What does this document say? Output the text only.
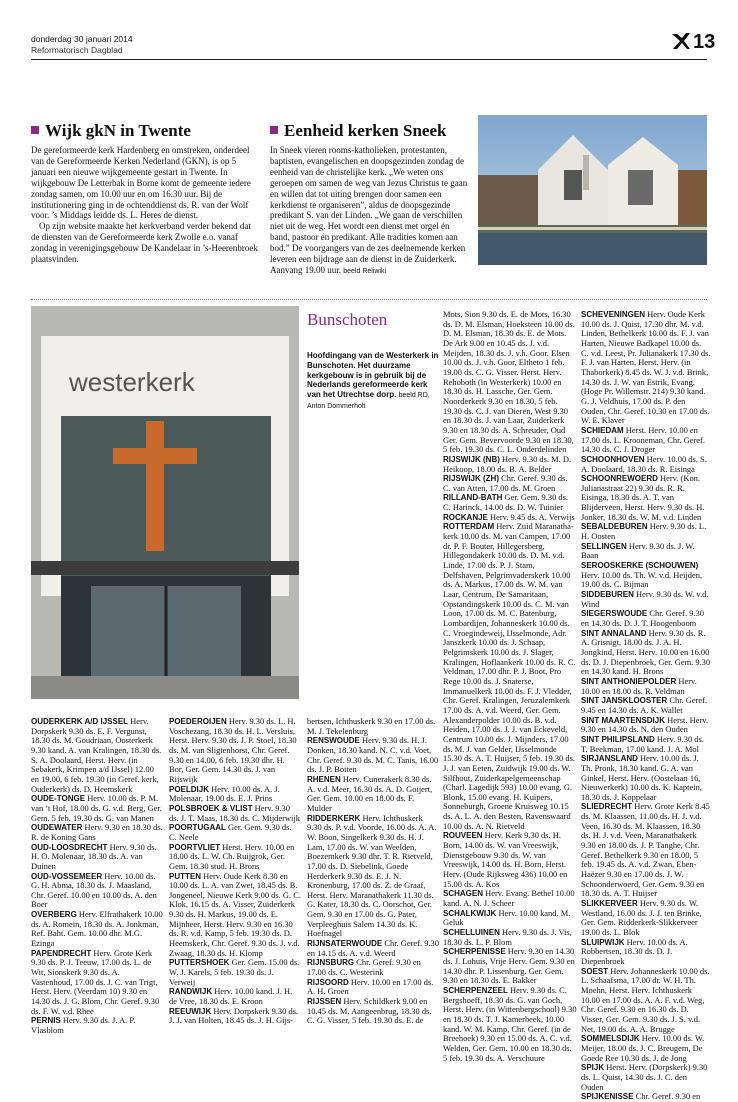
donderdag 30 januari 2014
Reformatorisch Dagblad	13
Wijk gkN in Twente

De gereformeerde kerk Hardenberg en omstreken, onderdeel van de Gereformeerde Kerken Nederland (GKN), is op 5 januari een nieuwe wijkgemeente gestart in Twente. In wijkgebouw De Letterbak in Borne komt de gemeente iedere zondag samen, om 10.00 uur en om 16.30 uur. Bij de institutionering ging in de ochtenddienst ds. R. van der Wolf voor. ’s Middags leidde ds. L. Heres de dienst.

Op zijn website maakte het kerkverband verder bekend dat de diensten van de Gereformeerde kerk Zwolle e.o. vanaf zondag in verenigingsgebouw De Kandelaar in ’s-Heerenbroek plaatsvinden.

Eenheid kerken Sneek

In Sneek vieren rooms-katholieken, protestanten, baptisten, evangelischen en doopsgezinden zondag de eenheid van de christelijke kerk. „We weten ons geroepen om samen de weg van Jezus Christus te gaan en willen dat tot uiting brengen door samen een kerkdienst te organiseren”, aldus de doopsgezinde predikant S. van der Linden. „We gaan de verschillen niet uit de weg. Het wordt een dienst met orgel én band, pastoor én predikant. Alle tradities komen aan bod.” De voorgangers van de zes deelnemende kerken leveren een bijdrage aan de dienst in de Zuiderkerk. Aanvang 19.00 uur. beeld Reliwiki

westerkerk
Bunschoten
Hoofdingang van de Westerkerk in Bunschoten. Het duurzame kerkgebouw is in gebruik bij de Nederlands gereformeerde kerk van het Utrechtse dorp. beeld RD, Anton Dommerholt

Mots, Sion 9.30 ds. E. de Mots, 16.30 ds. D. M. Elsman, Hoeksteen 10.00 ds. D. M. Elsman, 18.30 ds. E. de Mots. De Ark 9.00 en 10.45 ds. J. v.d. Meijden, 18.30 ds. J. v.h. Goor. Elsen 10.00 ds. J. v.h. Goor, Eltheto 1 feb. 19.00 ds. C. G. Visser. Herst. Herv. Rehoboth (in Westerkerk) 10.00 en 18.30 ds. H. Lassche, Ger. Gem. Noorderkerk 9.30 en 18.30, 5 feb. 19.30 ds. C. J. van Dieren, West 9.30 en 18.30 ds. J. van Laar, Zuiderkerk 9.30 en 18.30 ds. A. Schreuder, Oud Ger. Gem. Bevervoorde 9.30 en 18.30, 5 feb. 19.30 ds. C. L. Onderdelinden

RIJSWIJK (NB) Herv. 9.30 ds. M. D. Heikoop, 18.00 ds. B. A. Belder

RIJSWIJK (ZH) Chr. Geref. 9.30 ds. C. van Atten, 17.00 ds. M. Groen

RILLAND-BATH Ger. Gem. 9.30 ds. C. Harinck, 14.00 ds. D. W. Tuinier

ROCKANJE Herv. 9.45 ds. A. Verwijs

ROTTERDAM Herv. Zuid Maranatha-kerk 10.00 ds. M. van Campen, 17.00 dr. P. F. Bouter, Hillegersberg, Hillegondakerk 10.00 ds. D. M. v.d. Linde, 17.00 ds. P. J. Stam, Delfshaven, Pelgrimvaderskerk 10.00 ds. A. Markus, 17.00 ds. W. M. van Laar, Centrum, De Samaritaan, Opstandingskerk 10.00 ds. C. M. van Loon, 17.00 ds. M. C. Batenburg, Lombardijen, Johanneskerk 10.00 ds. C. Vroegindeweij, IJsselmonde, Adr. Janszkerk 10.00 ds. J. Schaap, Pelgrimskerk 10.00 ds. J. Slager, Kralingen, Hoflaankerk 10.00 ds. R. C. Veldman, 17.00 dhr. P. J. Boot, Pro Rege 10.00 ds. J. Snaterse, Immanuelkerk 10.00 ds. F. J. Vledder, Chr. Geref. Kralingen, Jeruzalemkerk 17.00 ds. A. v.d. Weerd, Ger. Gem. Alexanderpolder 10.00 ds. B. v.d. Heiden, 17.00 ds. J. J. van Eckeveld, Centrum 10.00 ds. J. Mijnders, 17.00 ds. M. J. van Gelder, IJsselmonde 15.30 ds. A. T. Huijser, 5 feb. 19.30 ds. J. J. van Eeten, Zuidwijk 19.00 ds. W. Silfhout, Zuiderkapelgemeenschap (Charl. Lagedijk 593) 10.00 evang. G. Blonk, 15.00 evang. H. Kuipers, Sonneburgh, Groene Kruisweg 10.15 ds. A. L. A. den Besten, Ravenswaard 10.00 ds. A. N. Rietveld

ROUVEEN Herv. Kerk 9.30 ds. H. Born, 14.00 ds. W. van Vreeswijk, Dienstgebouw 9.30 ds. W. van Vreeswijk, 14.00 ds. H. Born, Herst. Herv. (Oude Rijksweg 436) 10.00 en 15.00 ds. A. Kos

SCHAGEN Herv. Evang. Bethel 10.00 kand. A. N. J. Scheer

SCHALKWIJK Herv. 10.00 kand. M. Geluk

SCHELLUINEN Herv. 9.30 ds. J. Vis, 18.30 ds. L. P. Blom

SCHERPENISSE Herv. 9.30 en 14.30 ds. J. Lohuis, Vrije Herv. Gem. 9.30 en 14.30 dhr. P. Lissenburg. Ger. Gem. 9.30 en 18.30 ds. E. Bakker

SCHERPENZEEL Herv. 9.30 ds. C. Bergshoeff, 18.30 ds. G. van Goch, Herst. Herv. (in Wittenbergschool) 9.30 en 18.30 ds. T. J. Kamerbeek, 10.00 kand. W. M. Kamp, Chr. Geref. (in de Breehoek) 9.30 en 15.00 ds. A. C. v.d. Welden, Ger. Gem. 10.00 en 18.30 ds. 5 feb. 19.30 ds. A. Verschuure

SCHEVENINGEN Herv. Oude Kerk 10.00 ds. J. Quist, 17.30 dhr. M. v.d. Linden, Bethelkerk 10.00 ds. F. J. van Harten, Nieuwe Badkapel 10.00 ds. C. v.d. Leest, Pr. Julianakerk 17.30 ds. F. J. van Harten, Herst. Herv. (in Thaborkerk) 8.45 ds. W. J. v.d. Brink, 14.30 ds. J. W. van Estrik, Evang. (Hoge Pr. Willemstr. 214) 9.30 kand. G. J. Veldhuis, 17.00 ds. P. den Ouden, Chr. Geref. 10.30 en 17.00 ds. W. E. Klaver

SCHIEDAM Herst. Herv. 10.00 en 17.00 ds. L. Krooneman, Chr. Geref. 14.30 ds. C. J. Droger

SCHOONHOVEN Herv. 10.00 ds. S. A. Doolaard, 18.30 ds. R. Eisinga

SCHOONREWOERD Herv. (Kon. Julianastraat 22) 9.30 ds. R. R. Eisinga, 18.30 ds. A. T. van Blijderveen, Herst. Herv. 9.30 ds. H. Jonker, 18.30 ds. W. M. v.d. Linden

SEBALDEBUREN Herv. 9.30 ds. L. H. Oosten

SELLINGEN Herv. 9.30 ds. J. W. Baan

SEROOSKERKE (SCHOUWEN) Herv. 10.00 ds. Th. W. v.d. Heijden, 19.00 ds. C. Bijman

SIDDEBUREN Herv. 9.30 ds. W. v.d. Wind

SIEGERSWOUDE Chr. Geref. 9.30 en 14.30 ds. D. J. T. Hoogenboom

SINT ANNALAND Herv. 9.30 ds. R. A. Grisnigt, 18.00 ds. J. A. H. Jongkind, Herst. Herv. 10.00 en 16.00 ds. D. J. Diepenbroek, Ger. Gem. 9.30 en 14.30 kand. H. Brons

SINT ANTHONIEPOLDER Herv. 10.00 en 18.00 ds. R. Veldman

SINT JANSKLOOSTER Chr. Geref. 9.45 en 14.30 ds. A. K. Wallet

SINT MAARTENSDIJK Herst. Herv. 9.30 en 14.30 ds. N. den Ouden

SINT PHILIPSLAND Herv. 9.30 ds. T. Beekman, 17.00 kand. J. A. Mol

SIRJANSLAND Herv. 10.00 ds. J. Th. Pronk, 18.30 kand. G. A. van Ginkel, Herst. Herv. (Oostelaan 16, Nieuwerkerk) 10.00 ds. K. Kaptein, 18.30 ds. J. Koppelaar

SLIEDRECHT Herv. Grote Kerk 8.45 ds. M. Klaassen, 11.00 ds. H. J. v.d. Veen, 16.30 ds. M. Klaassen, 18.30 ds. H. J. v.d. Veen, Maranathakerk 9.30 en 18.00 ds. J. P. Tanghe, Chr. Geref. Bethelkerk 9.30 en 18.00, 5 feb. 19.45 ds. A. v.d. Zwan, Eben-Haëzer 9.30 en 17.00 ds. J. W. Schoonderwoerd, Ger. Gem. 9.30 en 18.30 ds. A. T. Huijser

SLIKKERVEER Herv. 9.30 ds. W. Westland, 16.00 ds. J. J. ten Brinke, Ger. Gem. Ridderkerk-Slikkerveer 19.00 ds. L. Blok

SLUIPWIJK Herv. 10.00 ds. A. Robbertsen, 18.30 ds. D. J. Diepenbroek

SOEST Herv. Johanneskerk 10.00 ds. L. Schaafsma, 17.00 dr. W. H. Th. Moehn, Herst. Herv. Ichthuskerk 10.00 en 17.00 ds. A. A. F. v.d. Weg, Chr. Geref. 9.30 en 16.30 ds. D. Visser, Ger. Gem. 9.30 ds. J. S. v.d. Net, 19.00 ds. A. A. Brugge

SOMMELSDIJK Herv. 10.00 ds. W. Meijer, 18.00 ds. J. C. Breugem, De Goede Ree 10.30 ds. J. de Jong

SPIJK Herst. Herv. (Dorpskerk) 9.30 ds. L. Quist, 14.30 ds. J. C. den Ouden

SPIJKENISSE Chr. Geref. 9.30 en

OUDERKERK A/D IJSSEL Herv. Dorpskerk 9.30 ds. E. F. Vergunst, 18.30 ds. M. Goudriaan, Oosterkerk 9.30 kand. A. van Kralingen, 18.30 ds. S. A. Doolaard, Herst. Herv. (in Sebakerk, Krimpen a/d IJssel) 12.00 en 19.00, 6 feb. 19.30 (in Geref. kerk, Ouderkerk) ds. D. Heemskerk

OUDE-TONGE Herv. 10.00 ds. P. M. van ’t Hof, 18.00 ds. G. v.d. Berg, Ger. Gem. 5 feb. 19.30 ds. G. van Manen

OUDEWATER Herv. 9.30 en 18.30 ds. R. de Koning Gans

OUD-LOOSDRECHT Herv. 9.30 ds. H. O. Molenaar, 18.30 ds. A. van Duinen

OUD-VOSSEMEER Herv. 10.00 ds. G. H. Abma, 18.30 ds. J. Maasland, Chr. Geref. 10.00 en 10.00 ds. A. den Boer

OVERBERG Herv. Elfrathakerk 10.00 ds. A. Romein, 18.30 ds. A. Jonkman, Ref. Baht. Gem. 10.00 dhr. M.G. Ezinga

PAPENDRECHT Herv. Grote Kerk 9.30 ds. P. J. Teeuw, 17.00 ds. L. de Wit, Sionskerk 9.30 ds. A. Vastenhoud, 17.00 ds. J. C. van Trigt, Herst. Herv. (Veerdam 10) 9.30 en 14.30 ds. J. G. Blom, Chr. Geref. 9.30 ds. F. W. v.d. Rhee

PERNIS Herv. 9.30 ds. J. A. P. Vlasblom

POEDEROIJEN Herv. 9.30 ds. L. H. Voschezang, 18.30 ds. H. L. Versluis, Herst. Herv. 9.30 ds. J. P. Stoel, 18.30 ds. M. van Sligtenhorst, Chr. Geref. 9.30 en 14.00, 6 feb. 19.30 dhr. H. Bor, Ger. Gem. 14.30 ds. J. van Rijswijk

POELDIJK Herv. 10.00 ds. A. J. Molenaar, 19.00 ds. E. J. Prins

POLSBROEK & VLIST Herv. 9.30 ds. J. T. Maas, 18.30 ds. C. Mijderwijk

POORTUGAAL Ger. Gem. 9.30 ds. C. Neele

POORTVLIET Herst. Herv. 10.00 en 18.00 ds. L. W. Ch. Ruijgrok, Ger. Gem. 18.30 stud. H. Brons

PUTTEN Herv. Oude Kerk 8.30 en 10.00 ds. L. A. van Zwet, 18.45 ds. B. Jongeneel, Nieuwe Kerk 9.00 ds. G. C. Klok, 16.15 ds. A. Visser, Zuiderkerk 9.30 ds. H. Markus, 19.00 ds. E. Mijnheer, Herst. Herv. 9.30 en 16.30 ds. R. v.d. Kamp, 5 feb. 19.30 ds. D. Heemskerk, Chr. Geref. 9.30 ds. J. v.d. Zwaag, 18.30 ds. H. Klomp

PUTTERSHOEK Ger. Gem. 15.00 ds. W. J. Karels, 5 feb. 19.30 ds. J. Verweij

RANDWIJK Herv. 10.00 kand. J. H. de Vree, 18.30 ds. E. Kroon

REEUWIJK Herv. Dorpskerk 9.30 ds. J. J. van Holten, 18.45 ds. J. H. Gijs-

bertsen, Ichthuskerk 9.30 en 17.00 ds. M. J. Tekelenburg

RENSWOUDE Herv. 9.30 ds. H. J. Donken, 18.30 kand. N. C. v.d. Voet, Chr. Geref. 9.30 ds. M. C. Tanis, 16.00 ds. J. P. Boiten

RHENEN Herv. Cunerakerk 8.30 ds. A. v.d. Meer, 16.30 ds. A. D. Goijert, Ger. Gem. 10.00 en 18.00 ds. F. Mulder

RIDDERKERK Herv. Ichthuskerk 9.30 ds. P. v.d. Voorde, 16.00 ds. A. A. W. Boon, Singelkerk 9.30 ds. H. J. Lam, 17.00 ds. W. van Weelden, Boezemkerk 9.30 dhr. T. R. Rietveld, 17.00 ds. D. Siebelink, Goede Herderkerk 9.30 ds. E. J. N. Kronenburg, 17.00 ds. Z. de Graaf, Herst. Herv. Maranathakerk 11.30 ds. G. Kater, 18.30 ds. C. Oorschot, Ger. Gem. 9.30 en 17.00 ds. G. Pater, Verpleeghuis Salem 14.30 ds. K. Hoefnagel

RIJNSATERWOUDE Chr. Geref. 9.30 en 14.15 ds. A. v.d. Weerd

RIJNSBURG Chr. Geref. 9.30 en 17.00 ds. C. Westerink

RIJSOORD Herv. 10.00 en 17.00 ds. A. H. Groen

RIJSSEN Herv. Schildkerk 9.00 en 10.45 ds. M. Aangeenbrug, 18.30 ds. C. G. Visser, 5 feb. 19.30 ds. E. de
